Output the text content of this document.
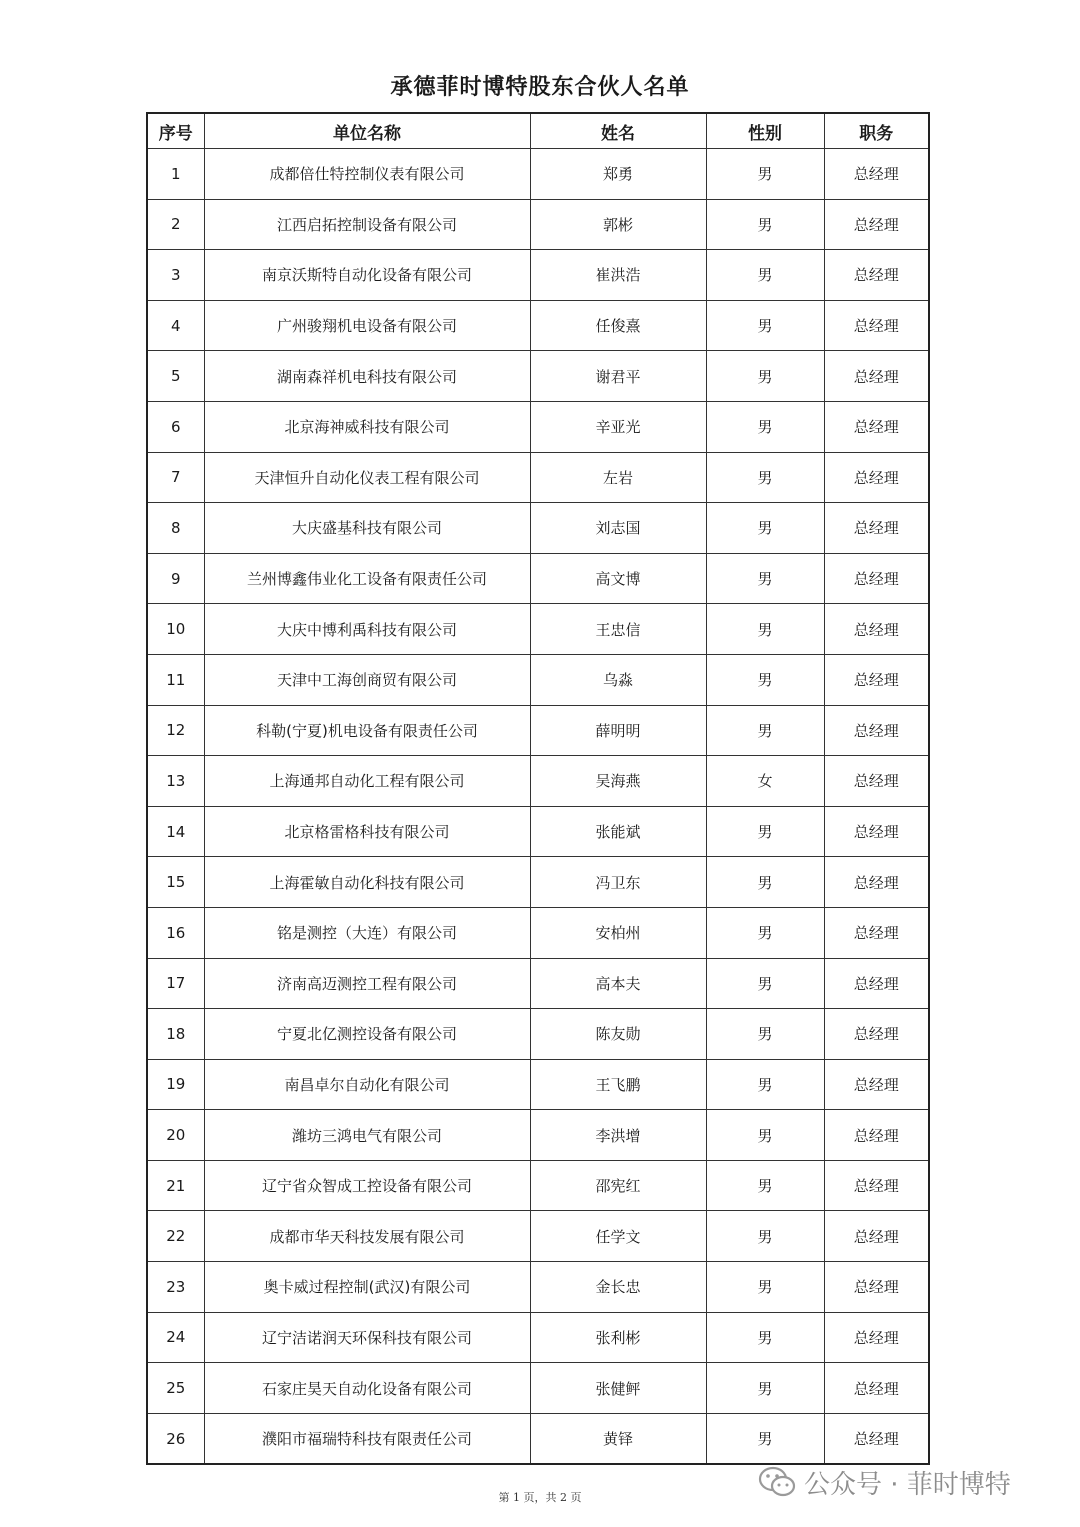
承德菲时博特股东合伙人名单
序号	单位名称	姓名	性别	职务
1	成都倍仕特控制仪表有限公司	郑勇	男	总经理
2	江西启拓控制设备有限公司	郭彬	男	总经理
3	南京沃斯特自动化设备有限公司	崔洪浩	男	总经理
4	广州骏翔机电设备有限公司	任俊熹	男	总经理
5	湖南森祥机电科技有限公司	谢君平	男	总经理
6	北京海神威科技有限公司	辛亚光	男	总经理
7	天津恒升自动化仪表工程有限公司	左岩	男	总经理
8	大庆盛基科技有限公司	刘志国	男	总经理
9	兰州博鑫伟业化工设备有限责任公司	高文博	男	总经理
10	大庆中博利禹科技有限公司	王忠信	男	总经理
11	天津中工海创商贸有限公司	乌淼	男	总经理
12	科勒(宁夏)机电设备有限责任公司	薛明明	男	总经理
13	上海通邦自动化工程有限公司	吴海燕	女	总经理
14	北京格雷格科技有限公司	张能斌	男	总经理
15	上海霍敏自动化科技有限公司	冯卫东	男	总经理
16	铭是测控（大连）有限公司	安柏州	男	总经理
17	济南高迈测控工程有限公司	高本夫	男	总经理
18	宁夏北亿测控设备有限公司	陈友勋	男	总经理
19	南昌卓尔自动化有限公司	王飞鹏	男	总经理
20	潍坊三鸿电气有限公司	李洪增	男	总经理
21	辽宁省众智成工控设备有限公司	邵宪红	男	总经理
22	成都市华天科技发展有限公司	任学文	男	总经理
23	奥卡威过程控制(武汉)有限公司	金长忠	男	总经理
24	辽宁洁诺润天环保科技有限公司	张利彬	男	总经理
25	石家庄昊天自动化设备有限公司	张健鲆	男	总经理
26	濮阳市福瑞特科技有限责任公司	黄铎	男	总经理
第 1 页，共 2 页	公众号 · 菲时博特
